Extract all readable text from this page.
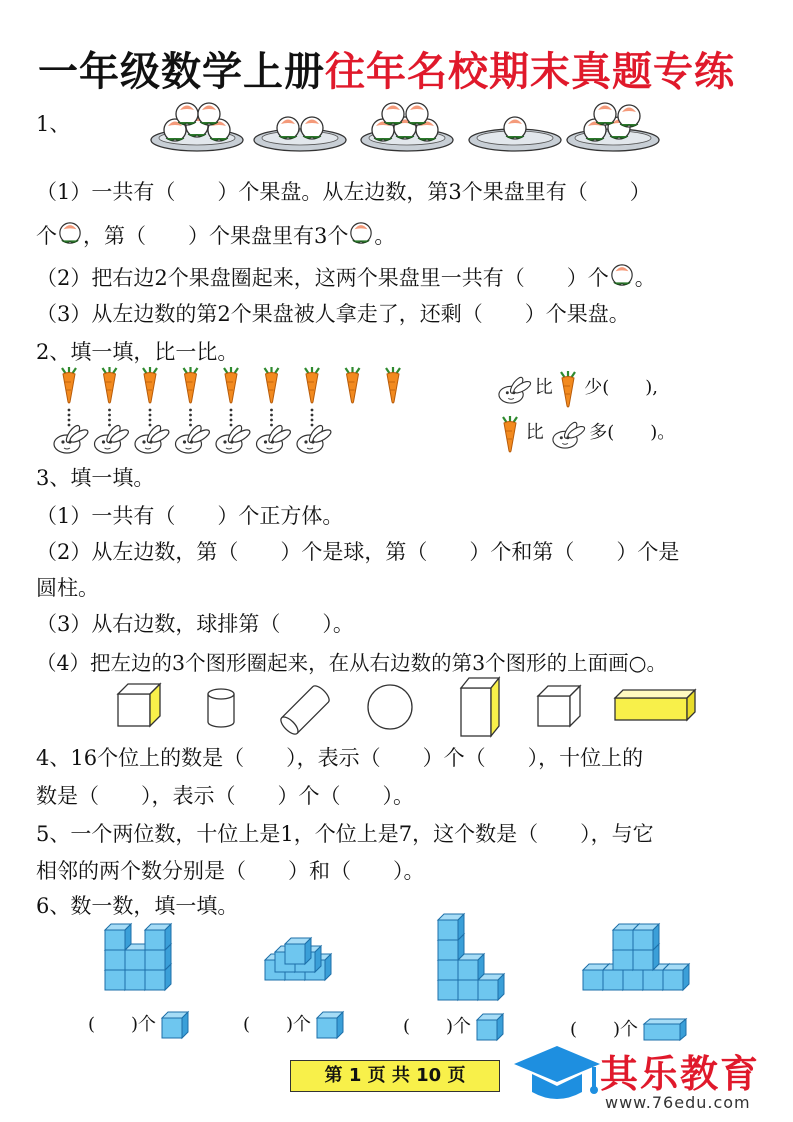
一年级数学上册往年名校期末真题专练
1、
（1）一共有（　　）个果盘。从左边数，第3个果盘里有（　　）
个 ，第（　　）个果盘里有3个 。
（2）把右边2个果盘圈起来，这两个果盘里一共有（　　）个 。
（3）从左边数的第2个果盘被人拿走了，还剩（　　）个果盘。
2、填一填，比一比。
比 少(　　),
比	多(　　)。
3、填一填。
（1）一共有（　　）个正方体。
（2）从左边数，第（　　）个是球，第（　　）个和第（　　）个是
圆柱。
（3）从右边数，球排第（　　）。
（4）把左边的3个图形圈起来，在从右边数的第3个图形的上面画○。
4、16个位上的数是（　　），表示（　　）个（　　），十位上的
数是（　　），表示（　　）个（　　）。
5、一个两位数，十位上是1，个位上是7，这个数是（　　），与它
相邻的两个数分别是（　　）和（　　）。
6、数一数，填一填。
(　　)个	(　　)个	(　　)个	(　　)个
第 1 页 共 10 页	其乐教育
www.76edu.com
